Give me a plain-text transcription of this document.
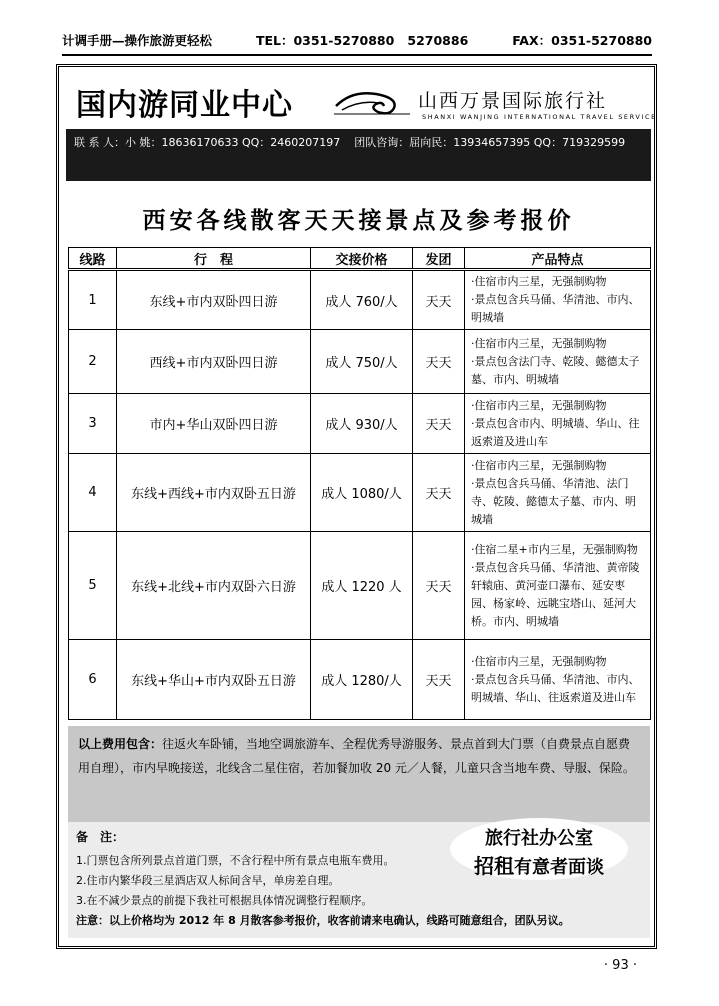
计调手册—操作旅游更轻松	TEL：0351-5270880   5270886	FAX：0351-5270880
国内游同业中心	山西万景国际旅行社
SHANXI WANJING INTERNATIONAL TRAVEL SERVICE
联 系 人：小 姚：18636170633 QQ：2460207197 团队咨询：屈向民：13934657395 QQ：719329599

电    话：6586930   6586920   6586910	传真：0351-6586910   6586920

西安各线散客天天接景点及参考报价
线路	行　程	交接价格	发团	产品特点
1	东线+市内双卧四日游	成人 760/人	天天	·住宿市内三星，无强制购物

·景点包含兵马俑、华清池、市内、明城墙

2	西线+市内双卧四日游	成人 750/人	天天	·住宿市内三星，无强制购物

·景点包含法门寺、乾陵、懿德太子墓、市内、明城墙

3	市内+华山双卧四日游	成人 930/人	天天	·住宿市内三星，无强制购物

·景点包含市内、明城墙、华山、往返索道及进山车

4	东线+西线+市内双卧五日游	成人 1080/人	天天	·住宿市内三星，无强制购物

·景点包含兵马俑、华清池、法门寺、乾陵、懿德太子墓、市内、明城墙

5	东线+北线+市内双卧六日游	成人 1220 人	天天	·住宿二星+市内三星，无强制购物

·景点包含兵马俑、华清池、黄帝陵轩辕庙、黄河壶口瀑布、延安枣园、杨家岭、远眺宝塔山、延河大桥。市内、明城墙

6	东线+华山+市内双卧五日游	成人 1280/人	天天	·住宿市内三星，无强制购物

·景点包含兵马俑、华清池、市内、明城墙、华山、往返索道及进山车

以上费用包含：往返火车卧铺，当地空调旅游车、全程优秀导游服务、景点首到大门票（自费景点自愿费用自理），市内早晚接送，北线含二星住宿，若加餐加收 20 元／人餐，儿童只含当地车费、导服、保险。
备　注：
1.门票包含所列景点首道门票，不含行程中所有景点电瓶车费用。
2.住市内繁华段三星酒店双人标间含早，单房差自理。
3.在不减少景点的前提下我社可根据具体情况调整行程顺序。
注意：以上价格均为 2012 年 8 月散客参考报价，收客前请来电确认，线路可随意组合，团队另议。
旅行社办公室
招租有意者面谈
· 93 ·
